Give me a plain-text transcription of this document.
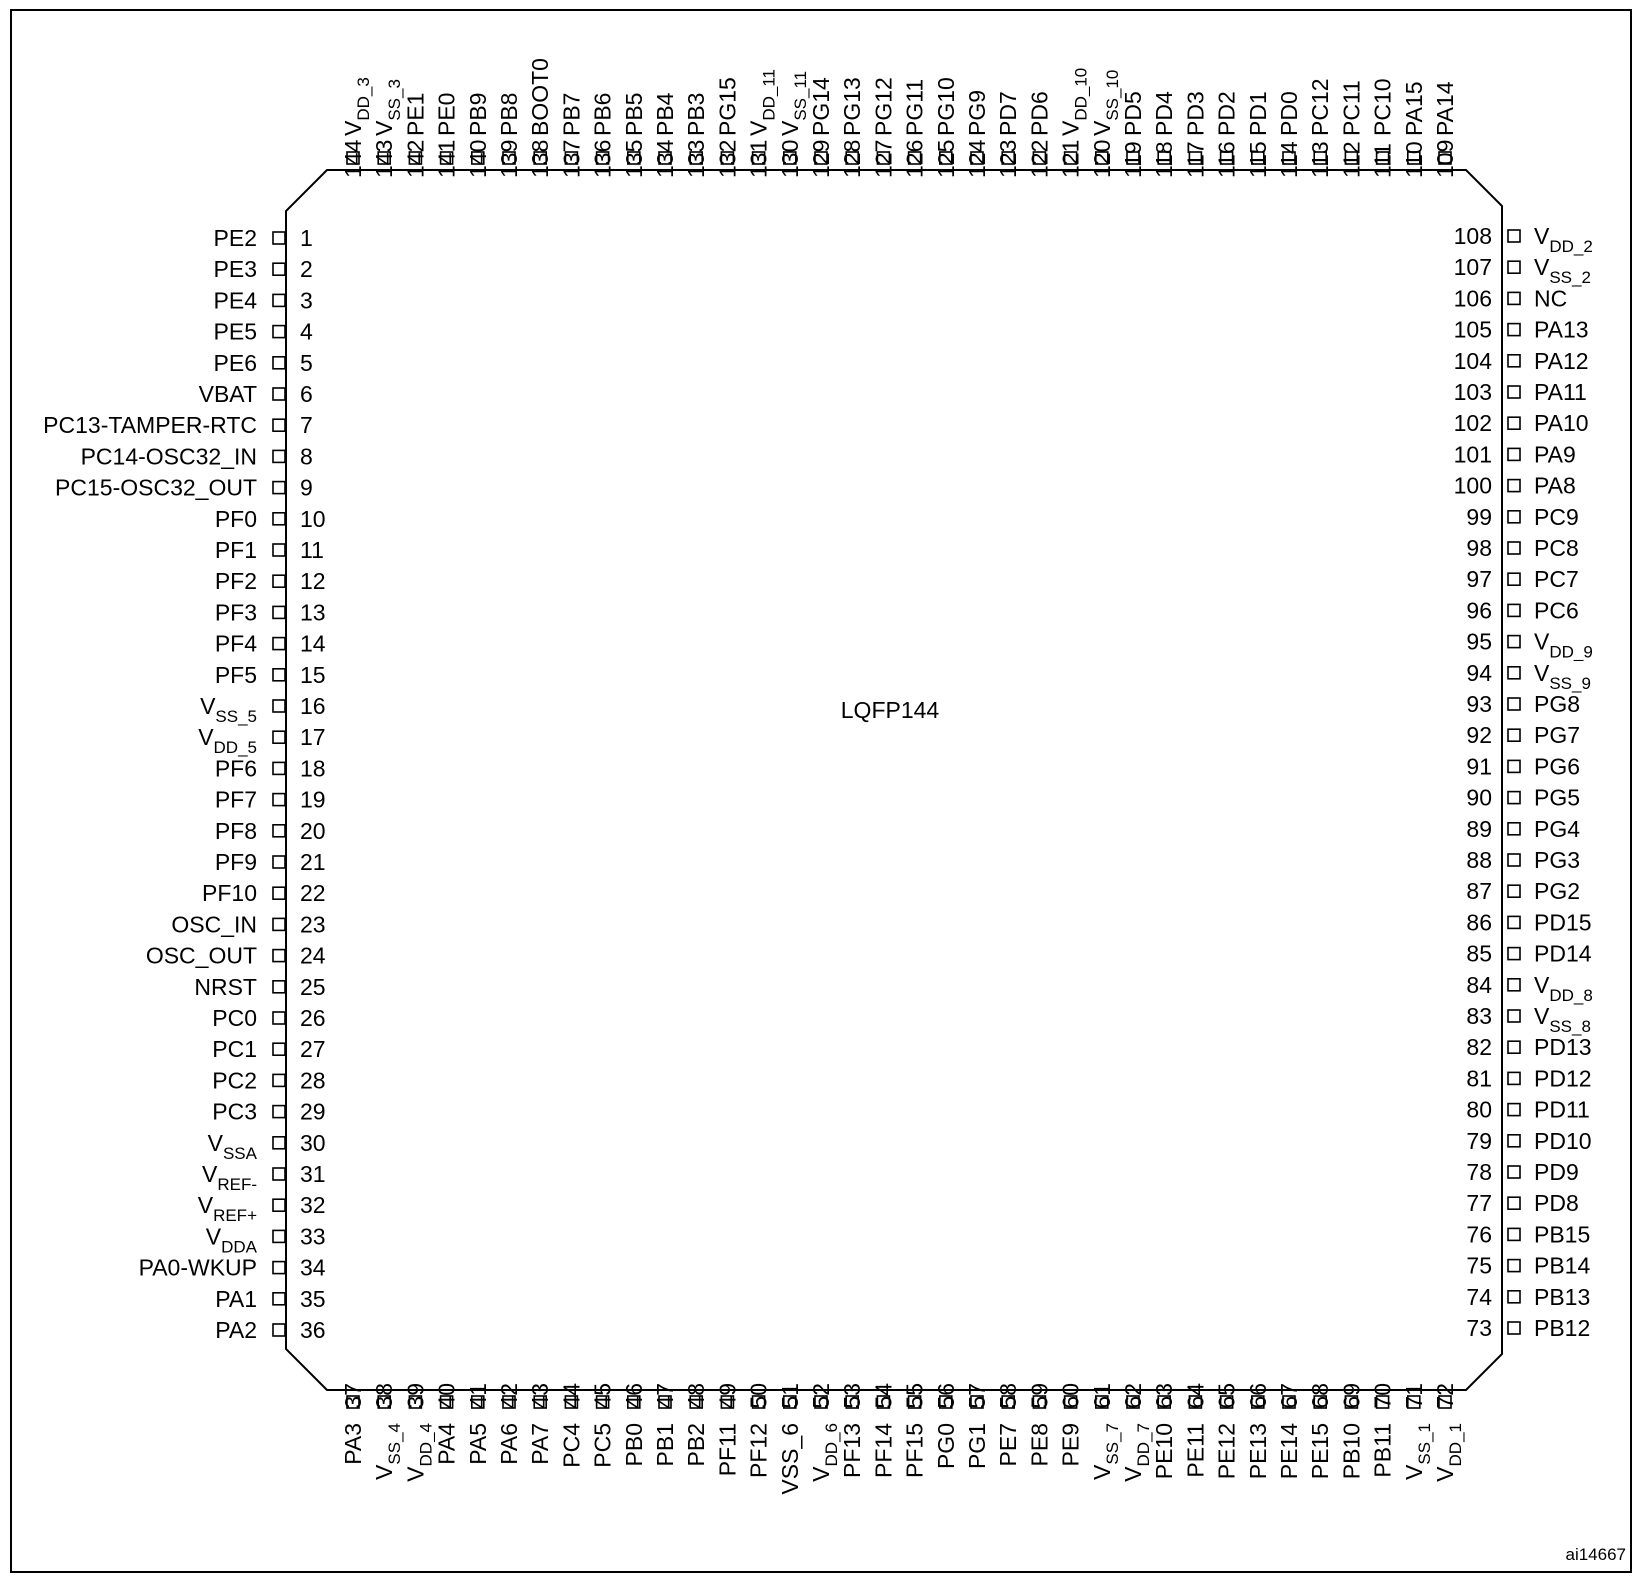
LQFP144
ai14667
PE2 1
PE3 2
PE4 3
PE5 4
PE6 5
VBAT 6
PC13-TAMPER-RTC 7
PC14-OSC32_IN 8
PC15-OSC32_OUT 9
PF0 10
PF1 11
PF2 12
PF3 13
PF4 14
PF5 15
$V_{SS\_5}$ 16
$V_{DD\_5}$ 17
PF6 18
PF7 19
PF8 20
PF9 21
PF10 22
OSC_IN 23
OSC_OUT 24
NRST 25
PC0 26
PC1 27
PC2 28
PC3 29
$V_{SSA}$ 30
$V_{REF-}$ 31
$V_{REF+}$ 32
$V_{DDA}$ 33
PA0-WKUP 34
PA1 35
PA2 36	73 PB12
74 PB13
75 PB14
76 PB15
77 PD8
78 PD9
79 PD10
80 PD11
81 PD12
82 PD13
83 $V_{SS\_8}$
84 $V_{DD\_8}$
85 PD14
86 PD15
87 PG2
88 PG3
89 PG4
90 PG5
91 PG6
92 PG7
93 PG8
94 $V_{SS\_9}$
95 $V_{DD\_9}$
96 PC6
97 PC7
98 PC8
99 PC9
100 PA8
101 PA9
102 PA10
103 PA11
104 PA12
105 PA13
106 NC
107 $V_{SS\_2}$
108 $V_{DD\_2}$
37
PA3
38
$V_{SS\_4}$
39
$V_{DD\_4}$
40
PA4
41
PA5
42
PA6
43
PA7
44
PC4
45
PC5
46
PB0
47
PB1
48
PB2
49
PF11
50
PF12
51
VSS_6
52
$V_{DD\_6}$
53
PF13
54
PF14
55
PF15
56
PG0
57
PG1
58
PE7
59
PE8
60
PE9
61
$V_{SS\_7}$
62
$V_{DD\_7}$
63
PE10
64
PE11
65
PE12
66
PE13
67
PE14
68
PE15
69
PB10
70
PB11
71
$V_{SS\_1}$
72
$V_{DD\_1}$
144
$V_{DD\_3}$
143
$V_{SS\_3}$
142
PE1
141
PE0
140
PB9
139
PB8
138
BOOT0
137
PB7
136
PB6
135
PB5
134
PB4
133
PB3
132
PG15
131
$V_{DD\_11}$
130
$V_{SS\_11}$
129
PG14
128
PG13
127
PG12
126
PG11
125
PG10
124
PG9
123
PD7
122
PD6
121
$V_{DD\_10}$
120
$V_{SS\_10}$
119
PD5
118
PD4
117
PD3
116
PD2
115
PD1
114
PD0
113
PC12
112
PC11
111
PC10
110
PA15
109
PA14
